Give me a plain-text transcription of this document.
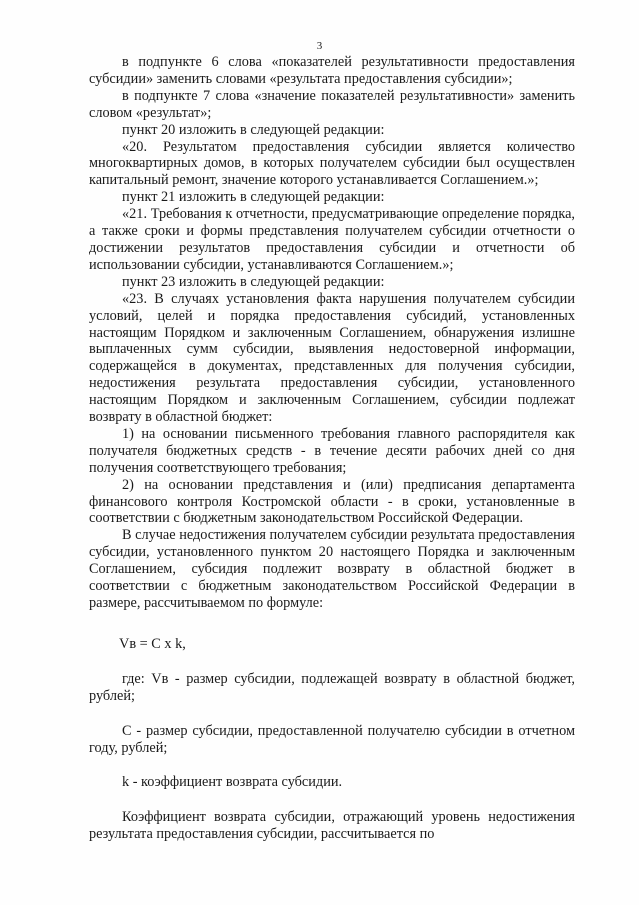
3

в подпункте 6 слова «показателей результативности предоставления субсидии» заменить словами «результата предоставления субсидии»;

в подпункте 7 слова «значение показателей результативности» заменить словом «результат»;

пункт 20 изложить в следующей редакции:

«20. Результатом предоставления субсидии является количество многоквартирных домов, в которых получателем субсидии был осуществлен капитальный ремонт, значение которого устанавливается Соглашением.»;

пункт 21 изложить в следующей редакции:

«21. Требования к отчетности, предусматривающие определение порядка, а также сроки и формы представления получателем субсидии отчетности о достижении результатов предоставления субсидии и отчетности об использовании субсидии, устанавливаются Соглашением.»;

пункт 23 изложить в следующей редакции:

«23. В случаях установления факта нарушения получателем субсидии условий, целей и порядка предоставления субсидий, установленных настоящим Порядком и заключенным Соглашением, обнаружения излишне выплаченных сумм субсидии, выявления недостоверной информации, содержащейся в документах, представленных для получения субсидии, недостижения результата предоставления субсидии, установленного настоящим Порядком и заключенным Соглашением, субсидии подлежат возврату в областной бюджет:

1) на основании письменного требования главного распорядителя как получателя бюджетных средств - в течение десяти рабочих дней со дня получения соответствующего требования;

2) на основании представления и (или) предписания департамента финансового контроля Костромской области - в сроки, установленные в соответствии с бюджетным законодательством Российской Федерации.

В случае недостижения получателем субсидии результата предоставления субсидии, установленного пунктом 20 настоящего Порядка и заключенным Соглашением, субсидия подлежит возврату в областной бюджет в соответствии с бюджетным законодательством Российской Федерации в размере, рассчитываемом по формуле:

Vв = С x k,

где: Vв - размер субсидии, подлежащей возврату в областной бюджет, рублей;

С - размер субсидии, предоставленной получателю субсидии в отчетном году, рублей;

k - коэффициент возврата субсидии.

Коэффициент возврата субсидии, отражающий уровень недостижения результата предоставления субсидии, рассчитывается по
